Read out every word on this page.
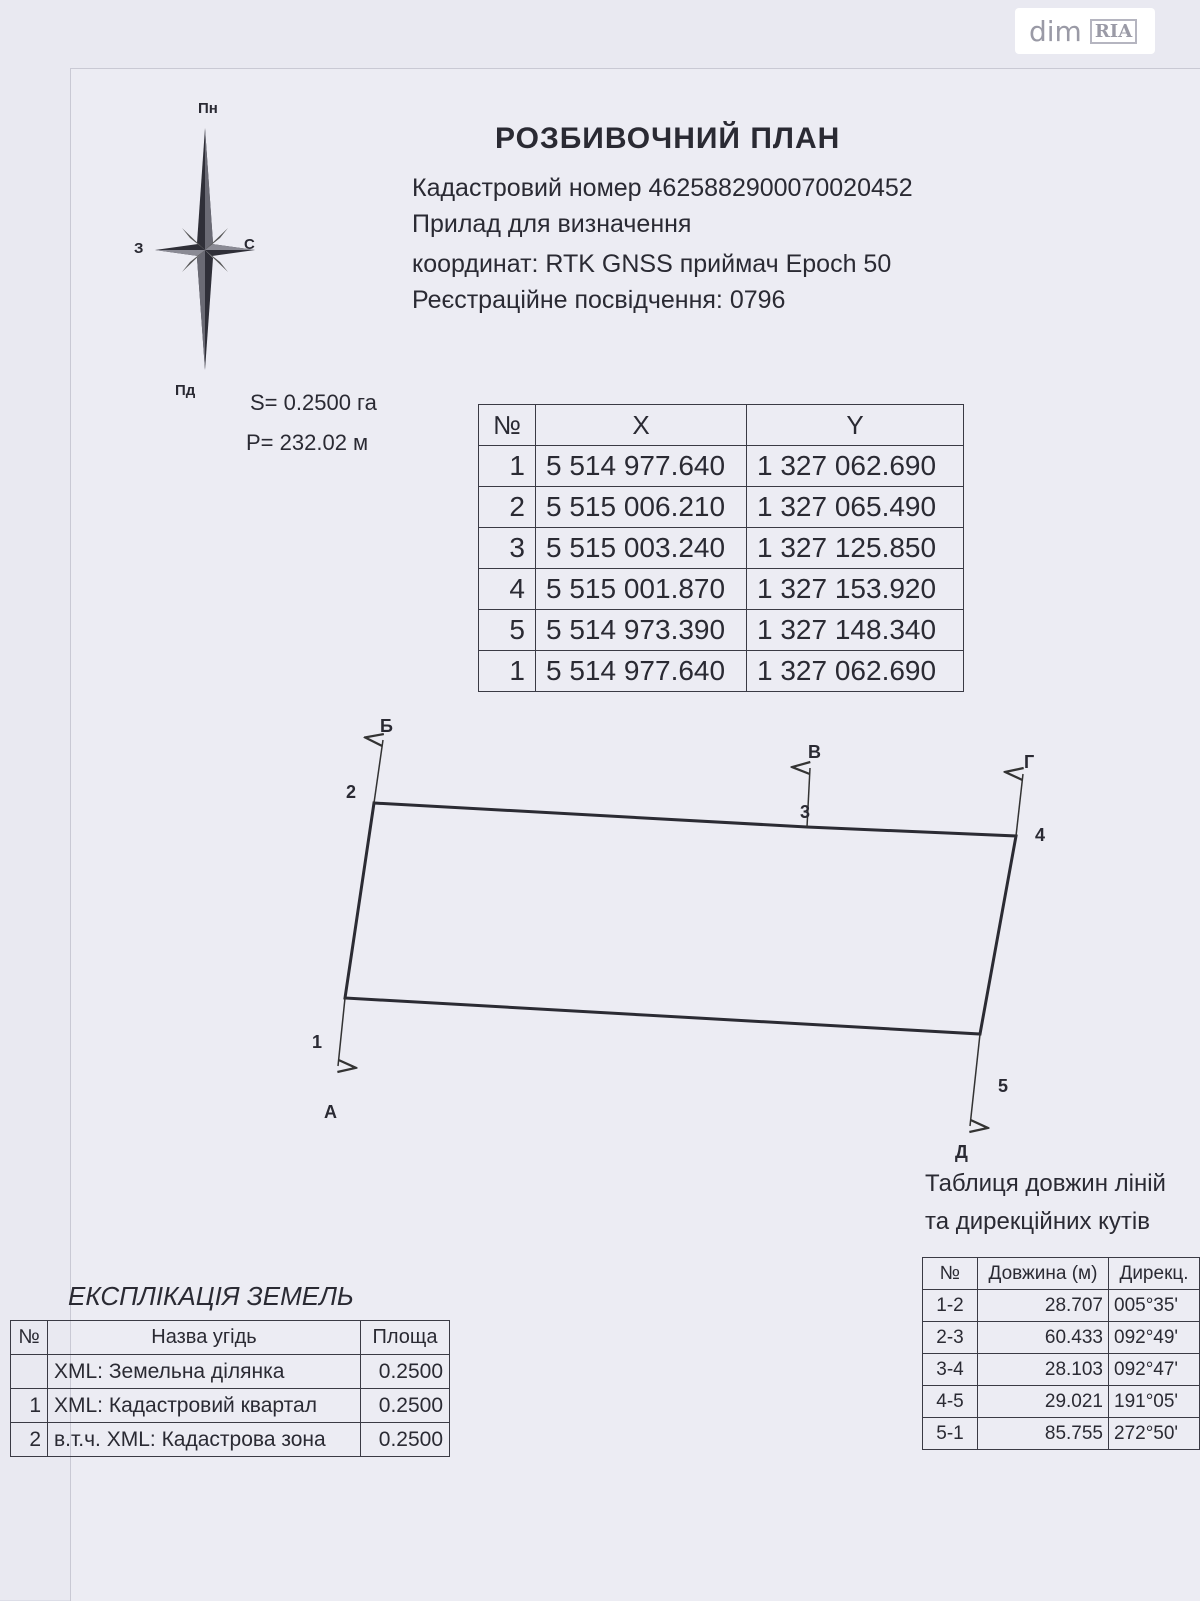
dim RIA
Пн
Пд
З	С
РОЗБИВОЧНИЙ ПЛАН
Кадастровий номер 4625882900070020452
Прилад для визначення
координат: RTK GNSS приймач Epoch 50
Реєстраційне посвідчення: 0796
S= 0.2500 га
P= 232.02 м
№	X	Y
1	5 514 977.640	1 327 062.690
2	5 515 006.210	1 327 065.490
3	5 515 003.240	1 327 125.850
4	5 515 001.870	1 327 153.920
5	5 514 973.390	1 327 148.340
1	5 514 977.640	1 327 062.690
1
2
3
4
5
А
Б
В	Г
Д
Таблиця довжин ліній
та дирекційних кутів
№	Довжина (м)	Дирекц.
1-2	28.707	005°35'
2-3	60.433	092°49'
3-4	28.103	092°47'
4-5	29.021	191°05'
5-1	85.755	272°50'
ЕКСПЛІКАЦІЯ ЗЕМЕЛЬ
№	Назва угідь	Площа
	XML: Земельна ділянка	0.2500
1	XML: Кадастровий квартал	0.2500
2	в.т.ч. XML: Кадастрова зона	0.2500
